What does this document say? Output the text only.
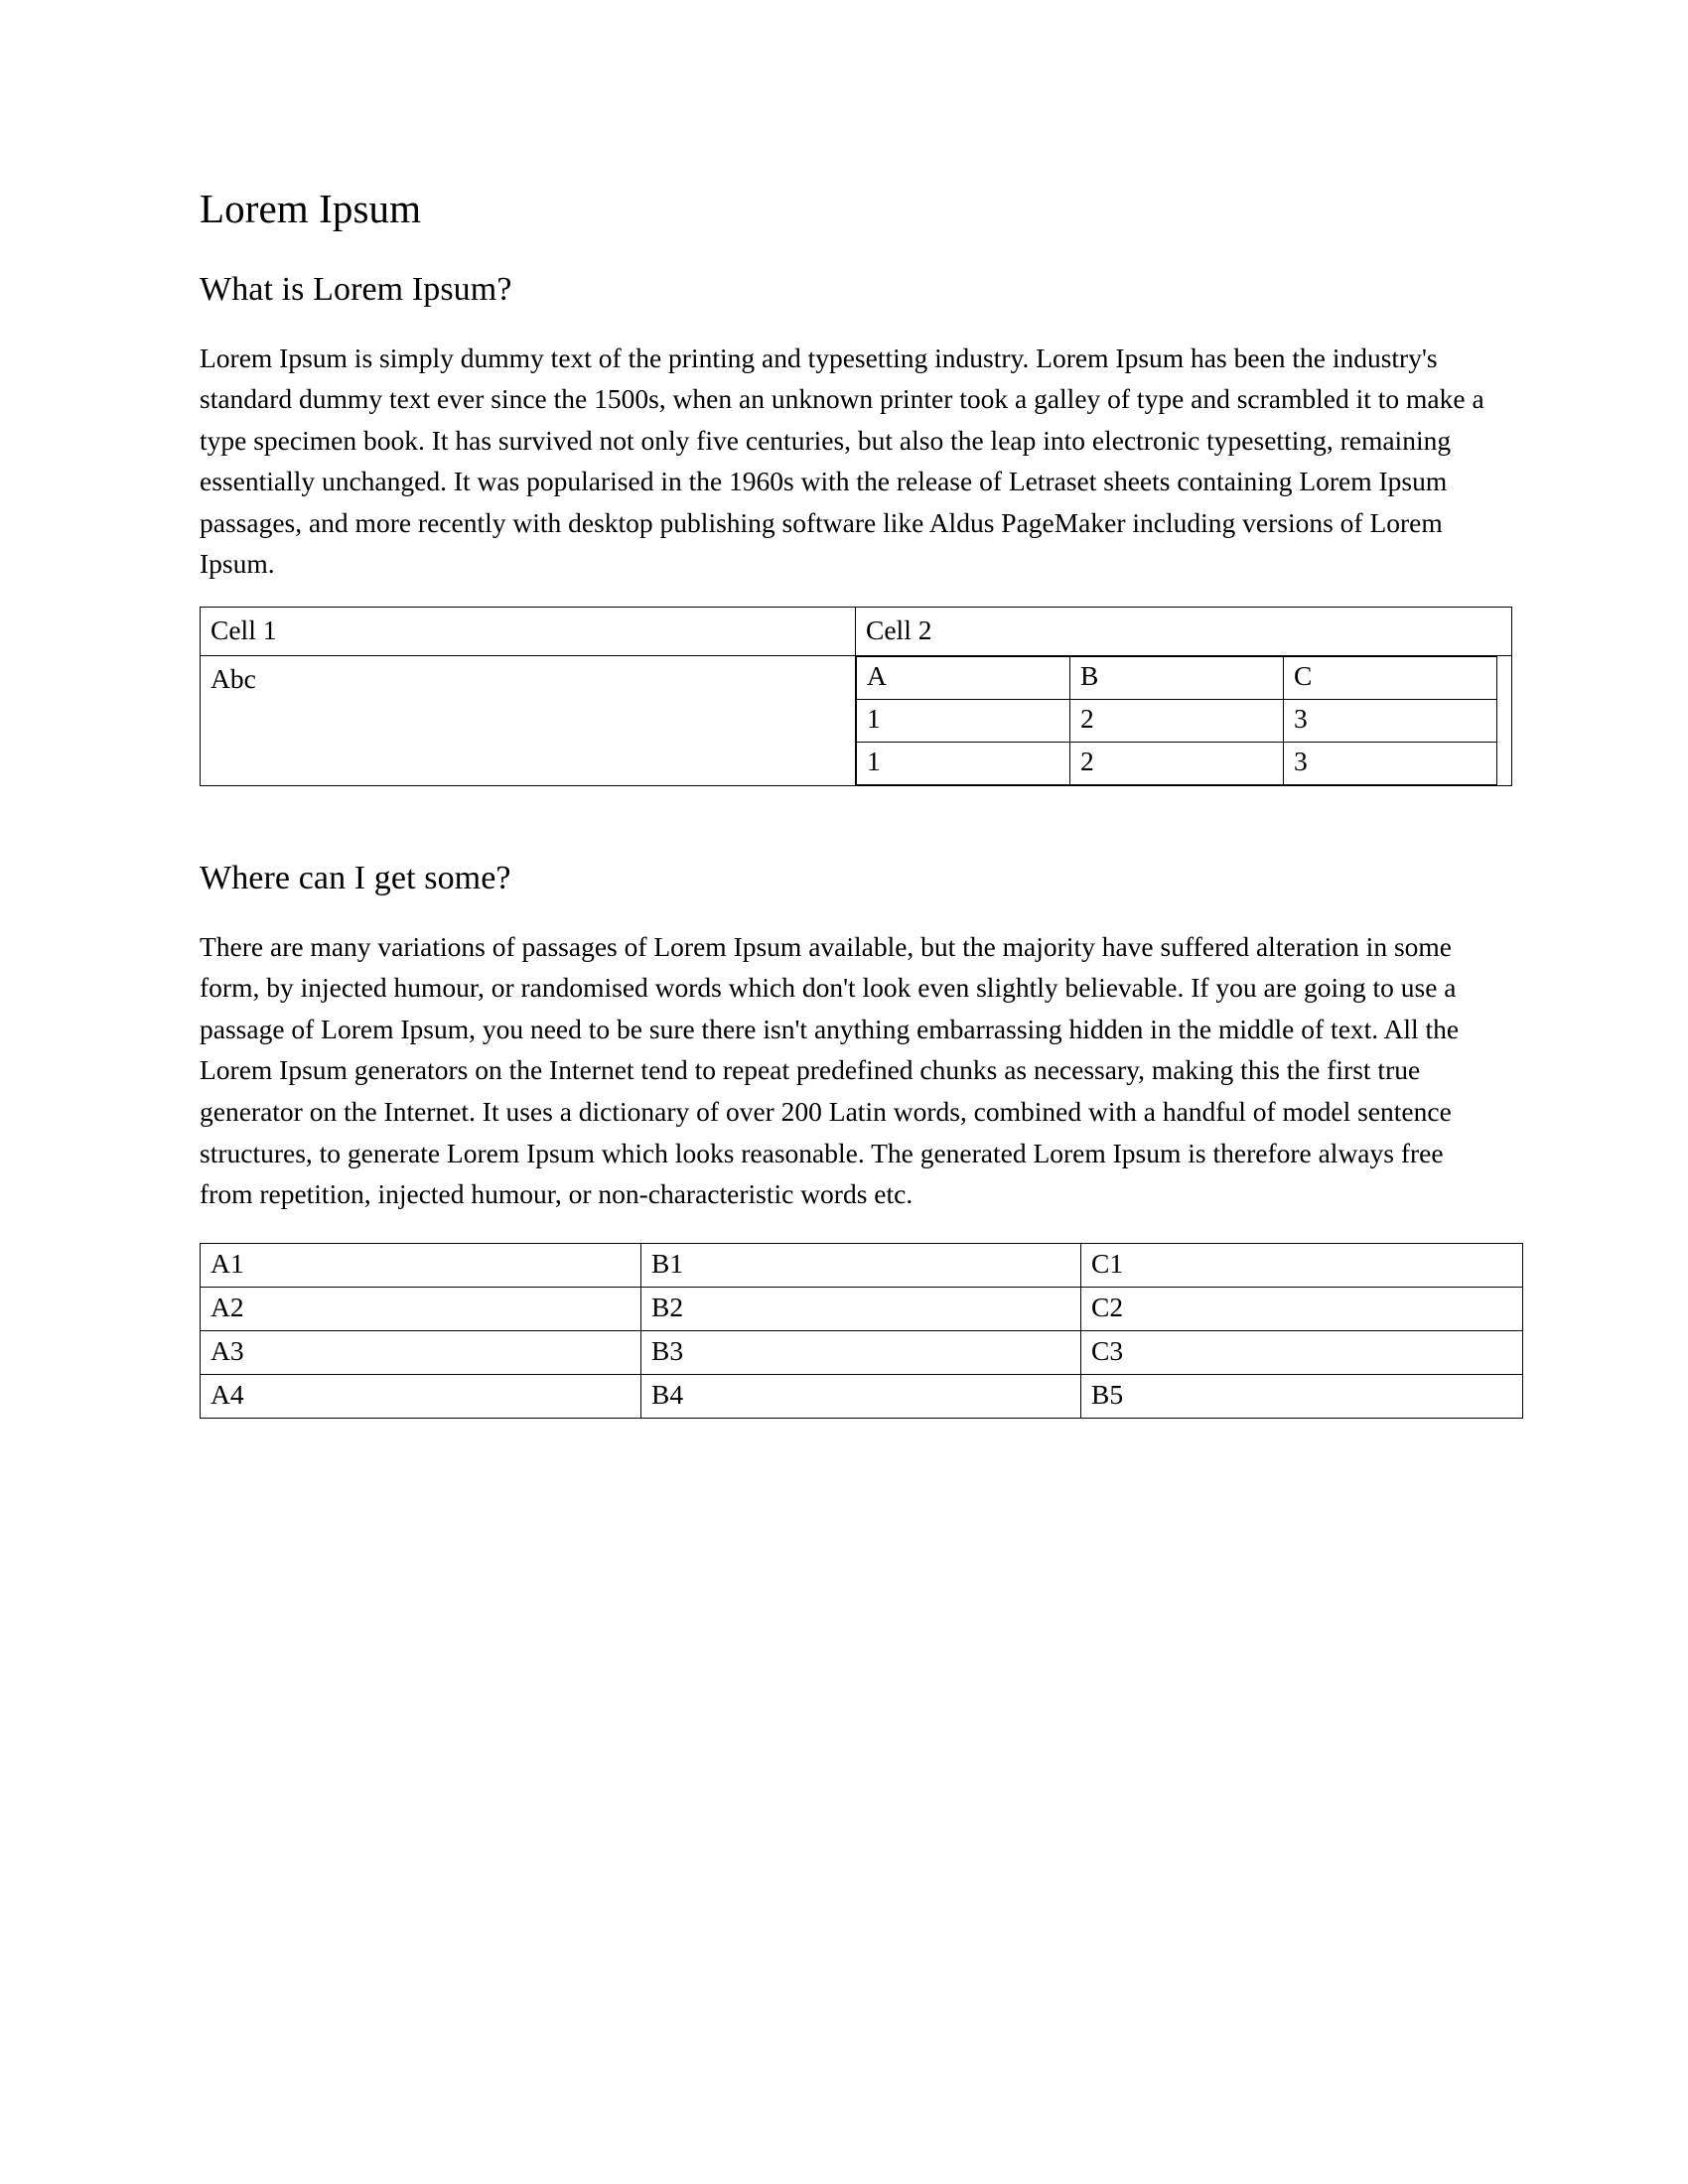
Lorem Ipsum
What is Lorem Ipsum?

Lorem Ipsum is simply dummy text of the printing and typesetting industry. Lorem Ipsum has been the industry's standard dummy text ever since the 1500s, when an unknown printer took a galley of type and scrambled it to make a type specimen book. It has survived not only five centuries, but also the leap into electronic typesetting, remaining essentially unchanged. It was popularised in the 1960s with the release of Letraset sheets containing Lorem Ipsum passages, and more recently with desktop publishing software like Aldus PageMaker including versions of Lorem Ipsum.

Cell 1	Cell 2
Abc		A	B	C
1	2	3
1	2	3
Where can I get some?

There are many variations of passages of Lorem Ipsum available, but the majority have suffered alteration in some form, by injected humour, or randomised words which don't look even slightly believable. If you are going to use a passage of Lorem Ipsum, you need to be sure there isn't anything embarrassing hidden in the middle of text. All the Lorem Ipsum generators on the Internet tend to repeat predefined chunks as necessary, making this the first true generator on the Internet. It uses a dictionary of over 200 Latin words, combined with a handful of model sentence structures, to generate Lorem Ipsum which looks reasonable. The generated Lorem Ipsum is therefore always free from repetition, injected humour, or non-characteristic words etc.

A1	B1	C1
A2	B2	C2
A3	B3	C3
A4	B4	B5
